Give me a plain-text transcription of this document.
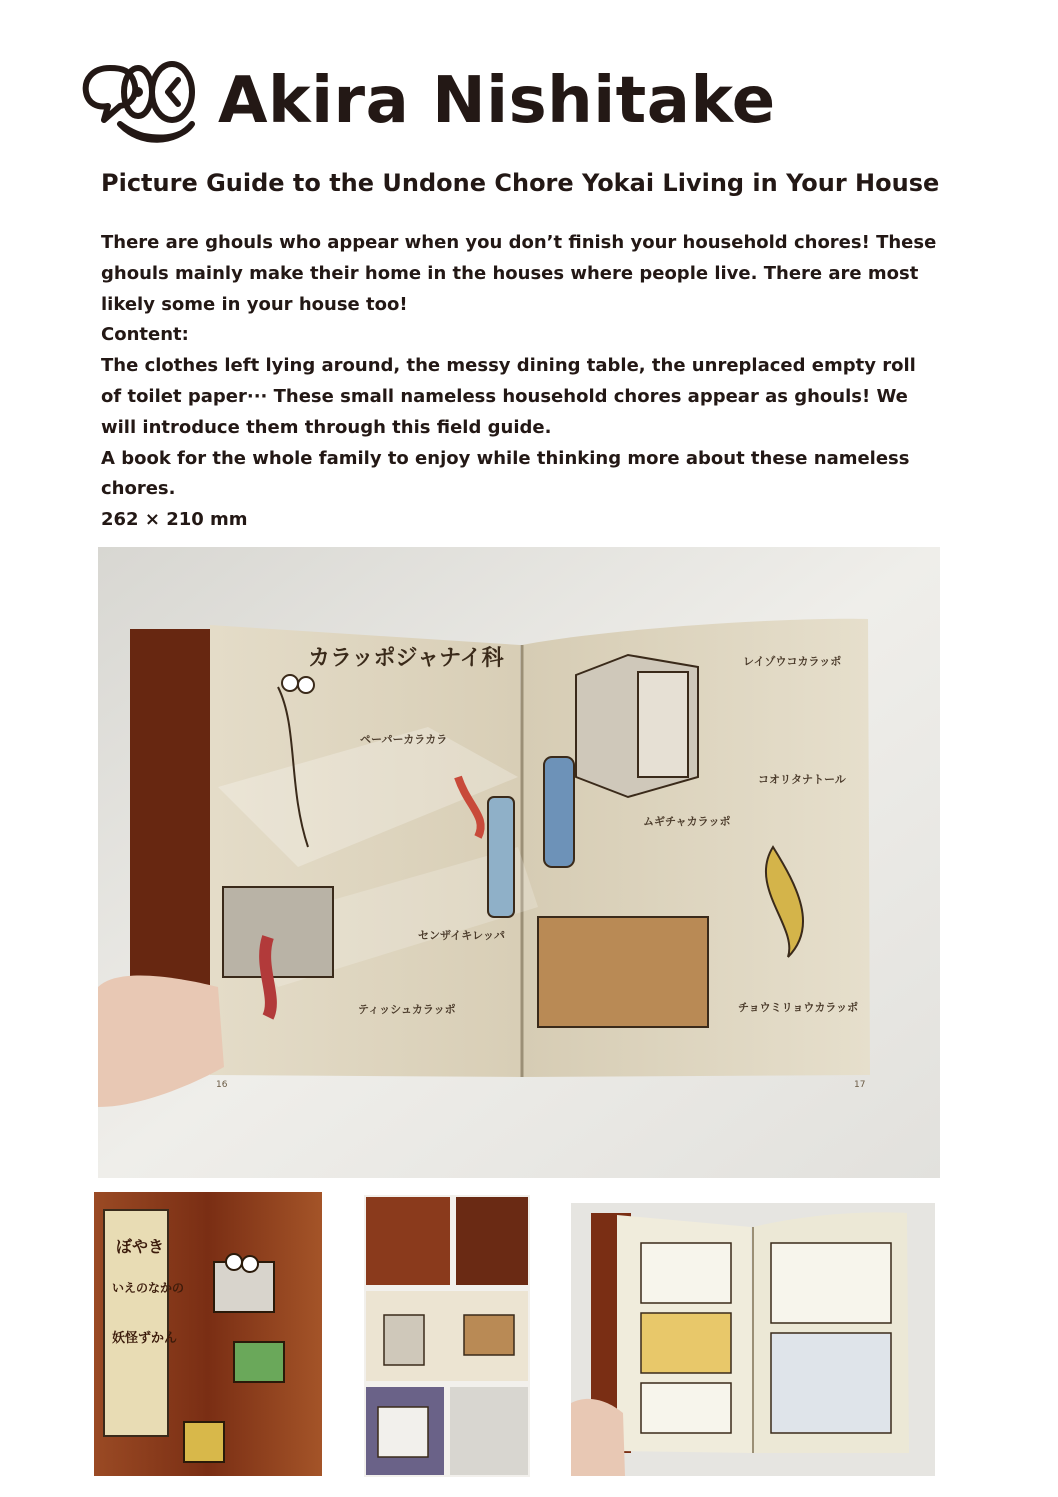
Akira Nishitake
Picture Guide to the Undone Chore Yokai Living in Your House

There are ghouls who appear when you don’t finish your household chores! These ghouls mainly make their home in the houses where people live. There are most likely some in your house too!

Content:

The clothes left lying around, the messy dining table, the unreplaced empty roll of toilet paper··· These small nameless household chores appear as ghouls! We will introduce them through this field guide.

A book for the whole family to enjoy while thinking more about these nameless chores.

262 × 210 mm

カラッポジャナイ科
ペーパーカラカラ
センザイキレッパ
ティッシュカラッポ
レイゾウコカラッポ
ムギチャカラッポ
チョウミリョウカラッポ
コオリタナトール
16	17
ぼやき
いえのなかの
妖怪ずかん
